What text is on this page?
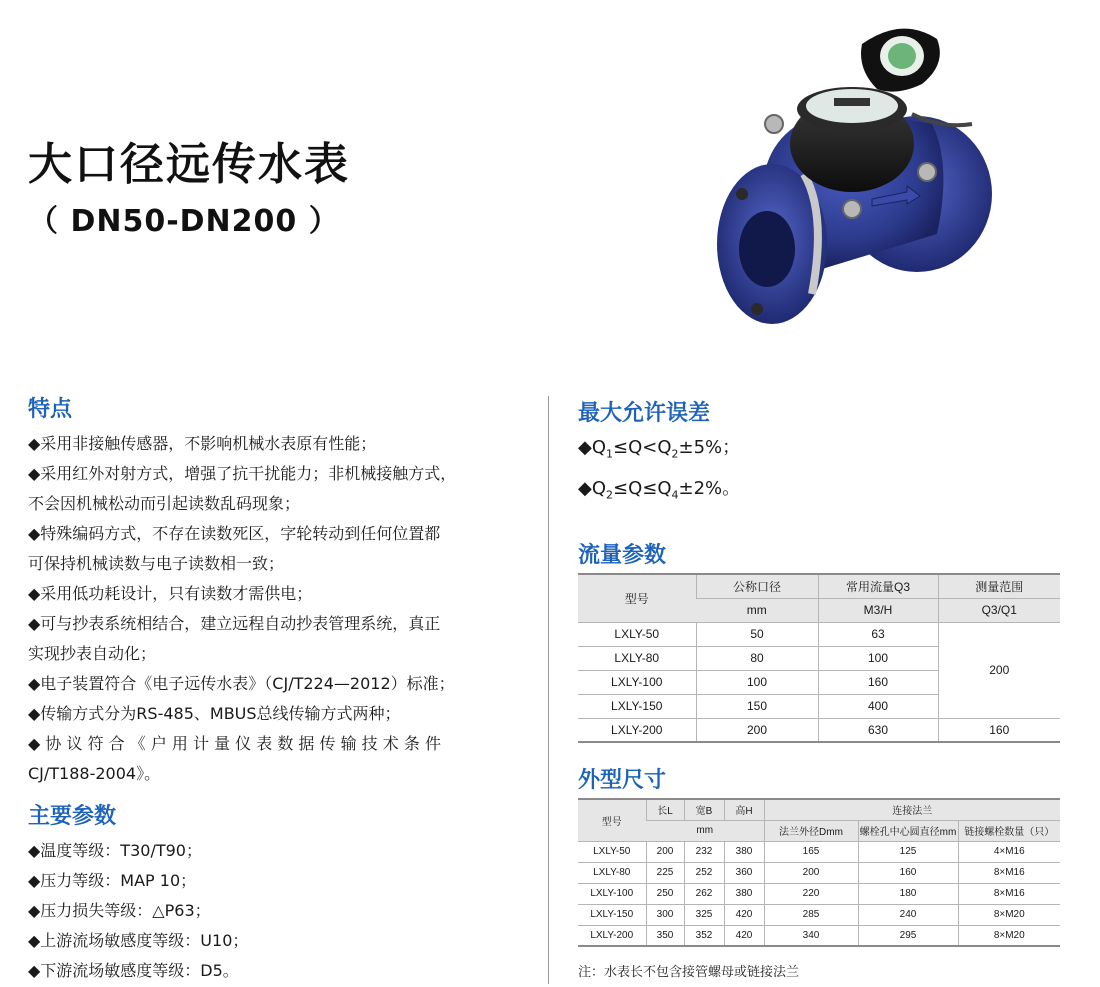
大口径远传水表
（ DN50-DN200 ）
特点
◆采用非接触传感器，不影响机械水表原有性能；
◆采用红外对射方式，增强了抗干扰能力；非机械接触方式，
不会因机械松动而引起读数乱码现象；
◆特殊编码方式，不存在读数死区，字轮转动到任何位置都
可保持机械读数与电子读数相一致；
◆采用低功耗设计，只有读数才需供电；
◆可与抄表系统相结合，建立远程自动抄表管理系统，真正
实现抄表自动化；
◆电子装置符合《电子远传水表》（CJ/T224—2012）标准；
◆传输方式分为RS-485、MBUS总线传输方式两种；
◆ 协 议 符 合 《 户 用 计 量 仪 表 数 据 传 输 技 术 条 件
CJ/T188-2004》。
主要参数
◆温度等级：T30/T90；
◆压力等级：MAP 10；
◆压力损失等级：△P63；
◆上游流场敏感度等级：U10；
◆下游流场敏感度等级：D5。
最大允许误差
$◆Q_1\le Q<Q_2\pm 5\%$；
$◆Q_2\le Q\le Q_4\pm 2\%$。
流量参数
型号	公称口径	常用流量Q3	测量范围
	mm	M3/H	Q3/Q1
LXLY-50	50	63	200
LXLY-80	80	100	
LXLY-100	100	160	
LXLY-150	150	400	
LXLY-200	200	630	160
外型尺寸
型号	长L	宽B	高H	连接法兰		
	mm			法兰外径Dmm	螺栓孔中心圆直径mm	链接螺栓数量（只）
LXLY-50	200	232	380	165	125	4×M16
LXLY-80	225	252	360	200	160	8×M16
LXLY-100	250	262	380	220	180	8×M16
LXLY-150	300	325	420	285	240	8×M20
LXLY-200	350	352	420	340	295	8×M20
注：水表长不包含接管螺母或链接法兰
